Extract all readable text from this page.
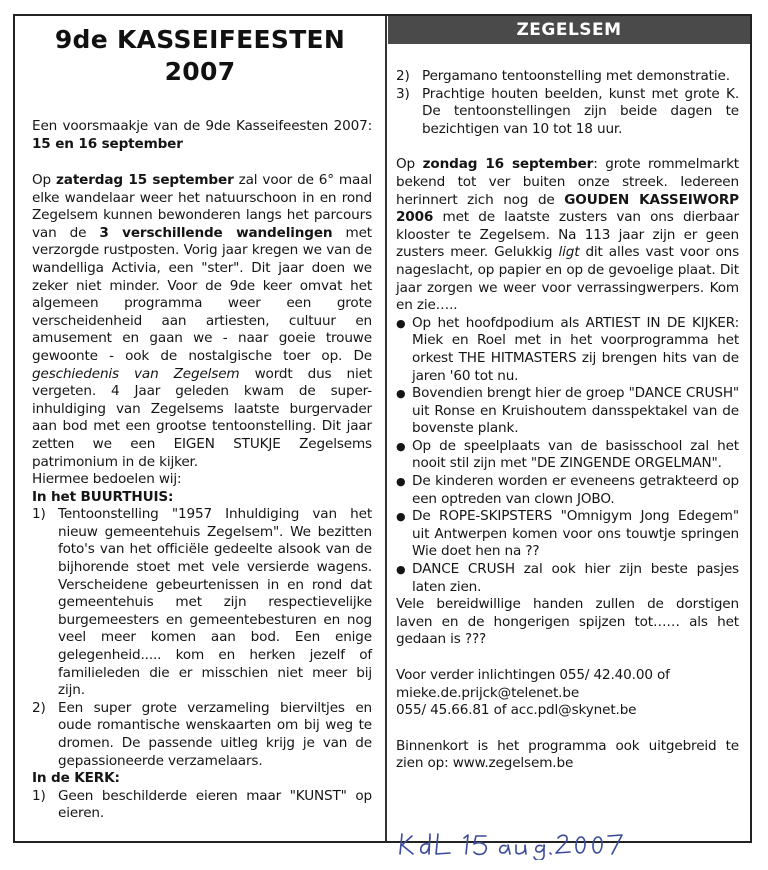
ZEGELSEM
9de KASSEIFEESTEN
2007

Een voorsmaakje van de 9de Kasseifeesten 2007: 15 en 16 september

Op zaterdag 15 september zal voor de 6° maal elke wandelaar weer het natuurschoon in en rond Zegelsem kunnen bewonderen langs het parcours van de 3 verschillende wandelingen met verzorgde rustposten. Vorig jaar kregen we van de wandelliga Activia, een "ster". Dit jaar doen we zeker niet minder. Voor de 9de keer omvat het algemeen programma weer een grote verscheidenheid aan artiesten, cultuur en amusement en gaan we - naar goeie trouwe gewoonte - ook de nostalgische toer op. De geschiedenis van Zegelsem wordt dus niet vergeten. 4 Jaar geleden kwam de super-inhuldiging van Zegelsems laatste burgervader aan bod met een grootse tentoonstelling. Dit jaar zetten we een EIGEN STUKJE Zegelsems patrimonium in de kijker.

Hiermee bedoelen wij:

In het BUURTHUIS:

1) Tentoonstelling "1957 Inhuldiging van het nieuw gemeentehuis Zegelsem". We bezitten foto's van het officiële gedeelte alsook van de bijhorende stoet met vele versierde wagens. Verscheidene gebeurtenissen in en rond dat gemeentehuis met zijn respectievelijke burgemeesters en gemeentebesturen en nog veel meer komen aan bod. Een enige gelegenheid..... kom en herken jezelf of familieleden die er misschien niet meer bij zijn.
2) Een super grote verzameling bierviltjes en oude romantische wenskaarten om bij weg te dromen. De passende uitleg krijg je van de gepassioneerde verzamelaars.

In de KERK:

1) Geen beschilderde eieren maar "KUNST" op eieren.
2) Pergamano tentoonstelling met demonstratie.
3) Prachtige houten beelden, kunst met grote K. De tentoonstellingen zijn beide dagen te bezichtigen van 10 tot 18 uur.

Op zondag 16 september: grote rommelmarkt bekend tot ver buiten onze streek. Iedereen herinnert zich nog de GOUDEN KASSEIWORP 2006 met de laatste zusters van ons dierbaar klooster te Zegelsem. Na 113 jaar zijn er geen zusters meer. Gelukkig ligt dit alles vast voor ons nageslacht, op papier en op de gevoelige plaat. Dit jaar zorgen we weer voor verrassingwerpers. Kom en zie…..

● Op het hoofdpodium als ARTIEST IN DE KIJKER: Miek en Roel met in het voorprogramma het orkest THE HITMASTERS zij brengen hits van de jaren '60 tot nu.
● Bovendien brengt hier de groep "DANCE CRUSH" uit Ronse en Kruishoutem dansspektakel van de bovenste plank.
● Op de speelplaats van de basisschool zal het nooit stil zijn met "DE ZINGENDE ORGELMAN".
● De kinderen worden er eveneens getrakteerd op een optreden van clown JOBO.
● De ROPE-SKIPSTERS "Omnigym Jong Edegem" uit Antwerpen komen voor ons touwtje springen Wie doet hen na ??
● DANCE CRUSH zal ook hier zijn beste pasjes laten zien.

Vele bereidwillige handen zullen de dorstigen laven en de hongerigen spijzen tot…… als het gedaan is ???

Voor verder inlichtingen 055/ 42.40.00 of

mieke.de.prijck@telenet.be

055/ 45.66.81 of acc.pdl@skynet.be

Binnenkort is het programma ook uitgebreid te zien op: www.zegelsem.be
